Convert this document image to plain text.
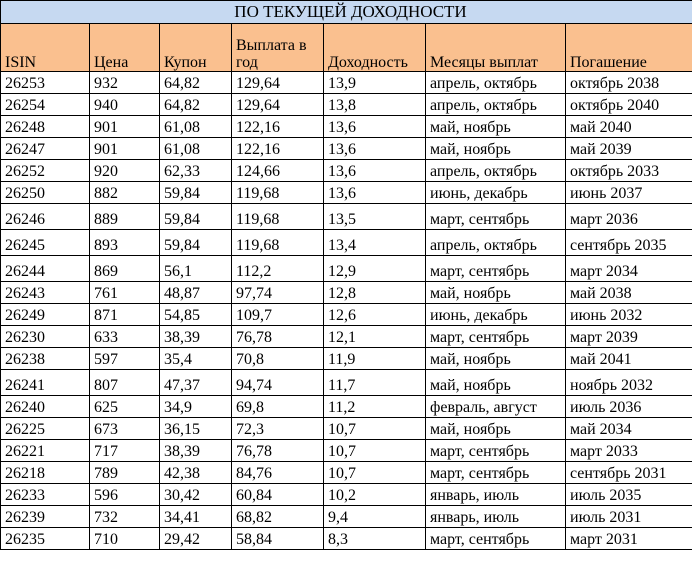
ПО ТЕКУЩЕЙ ДОХОДНОСТИ						
ISIN	Цена	Купон	Выплата в год	Доходность	Месяцы выплат	Погашение
26253	932	64,82	129,64	13,9	апрель, октябрь	октябрь 2038
26254	940	64,82	129,64	13,8	апрель, октябрь	октябрь 2040
26248	901	61,08	122,16	13,6	май, ноябрь	май 2040
26247	901	61,08	122,16	13,6	май, ноябрь	май 2039
26252	920	62,33	124,66	13,6	апрель, октябрь	октябрь 2033
26250	882	59,84	119,68	13,6	июнь, декабрь	июнь 2037
26246	889	59,84	119,68	13,5	март, сентябрь	март 2036
26245	893	59,84	119,68	13,4	апрель, октябрь	сентябрь 2035
26244	869	56,1	112,2	12,9	март, сентябрь	март 2034
26243	761	48,87	97,74	12,8	май, ноябрь	май 2038
26249	871	54,85	109,7	12,6	июнь, декабрь	июнь 2032
26230	633	38,39	76,78	12,1	март, сентябрь	март 2039
26238	597	35,4	70,8	11,9	май, ноябрь	май 2041
26241	807	47,37	94,74	11,7	май, ноябрь	ноябрь 2032
26240	625	34,9	69,8	11,2	февраль, август	июль 2036
26225	673	36,15	72,3	10,7	май, ноябрь	май 2034
26221	717	38,39	76,78	10,7	март, сентябрь	март 2033
26218	789	42,38	84,76	10,7	март, сентябрь	сентябрь 2031
26233	596	30,42	60,84	10,2	январь, июль	июль 2035
26239	732	34,41	68,82	9,4	январь, июль	июль 2031
26235	710	29,42	58,84	8,3	март, сентябрь	март 2031
